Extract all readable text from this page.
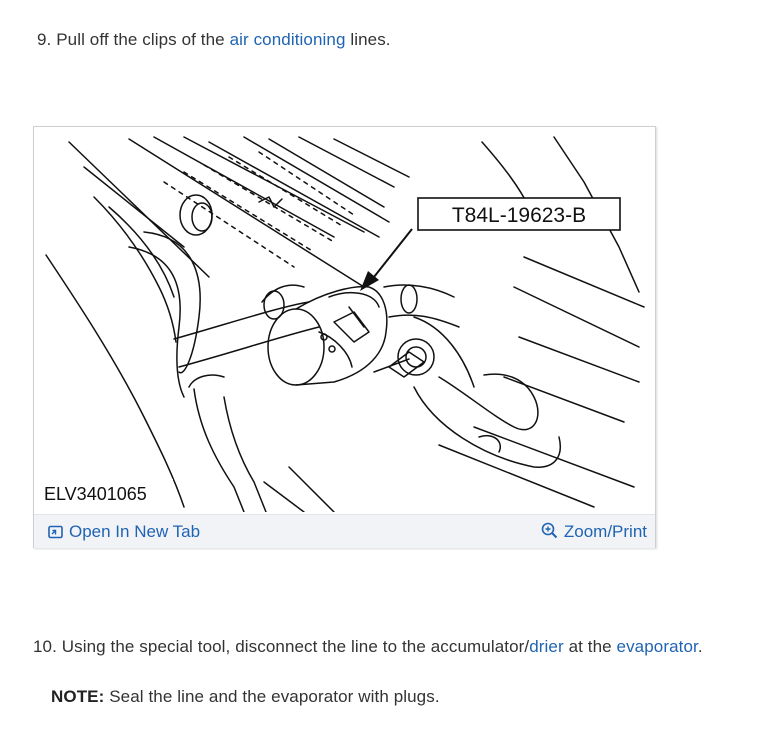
9. Pull off the clips of the air conditioning lines.
T84L-19623-B
ELV3401065
Open In New Tab	Zoom/Print
10. Using the special tool, disconnect the line to the accumulator/drier at the evaporator.
NOTE: Seal the line and the evaporator with plugs.
